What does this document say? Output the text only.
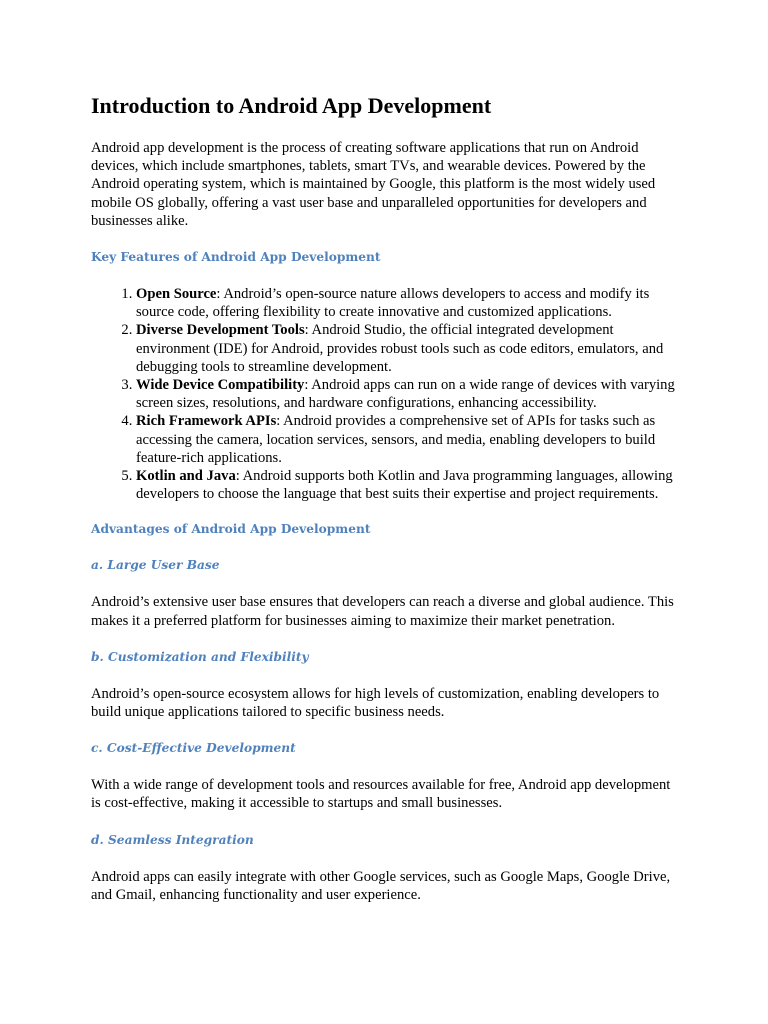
Introduction to Android App Development

Android app development is the process of creating software applications that run on Android devices, which include smartphones, tablets, smart TVs, and wearable devices. Powered by the Android operating system, which is maintained by Google, this platform is the most widely used mobile OS globally, offering a vast user base and unparalleled opportunities for developers and businesses alike.

Key Features of Android App Development

1. Open Source: Android’s open-source nature allows developers to access and modify its source code, offering flexibility to create innovative and customized applications.
2. Diverse Development Tools: Android Studio, the official integrated development environment (IDE) for Android, provides robust tools such as code editors, emulators, and debugging tools to streamline development.
3. Wide Device Compatibility: Android apps can run on a wide range of devices with varying screen sizes, resolutions, and hardware configurations, enhancing accessibility.
4. Rich Framework APIs: Android provides a comprehensive set of APIs for tasks such as accessing the camera, location services, sensors, and media, enabling developers to build feature-rich applications.
5. Kotlin and Java: Android supports both Kotlin and Java programming languages, allowing developers to choose the language that best suits their expertise and project requirements.

Advantages of Android App Development

a. Large User Base

Android’s extensive user base ensures that developers can reach a diverse and global audience. This makes it a preferred platform for businesses aiming to maximize their market penetration.

b. Customization and Flexibility

Android’s open-source ecosystem allows for high levels of customization, enabling developers to build unique applications tailored to specific business needs.

c. Cost-Effective Development

With a wide range of development tools and resources available for free, Android app development is cost-effective, making it accessible to startups and small businesses.

d. Seamless Integration

Android apps can easily integrate with other Google services, such as Google Maps, Google Drive, and Gmail, enhancing functionality and user experience.
